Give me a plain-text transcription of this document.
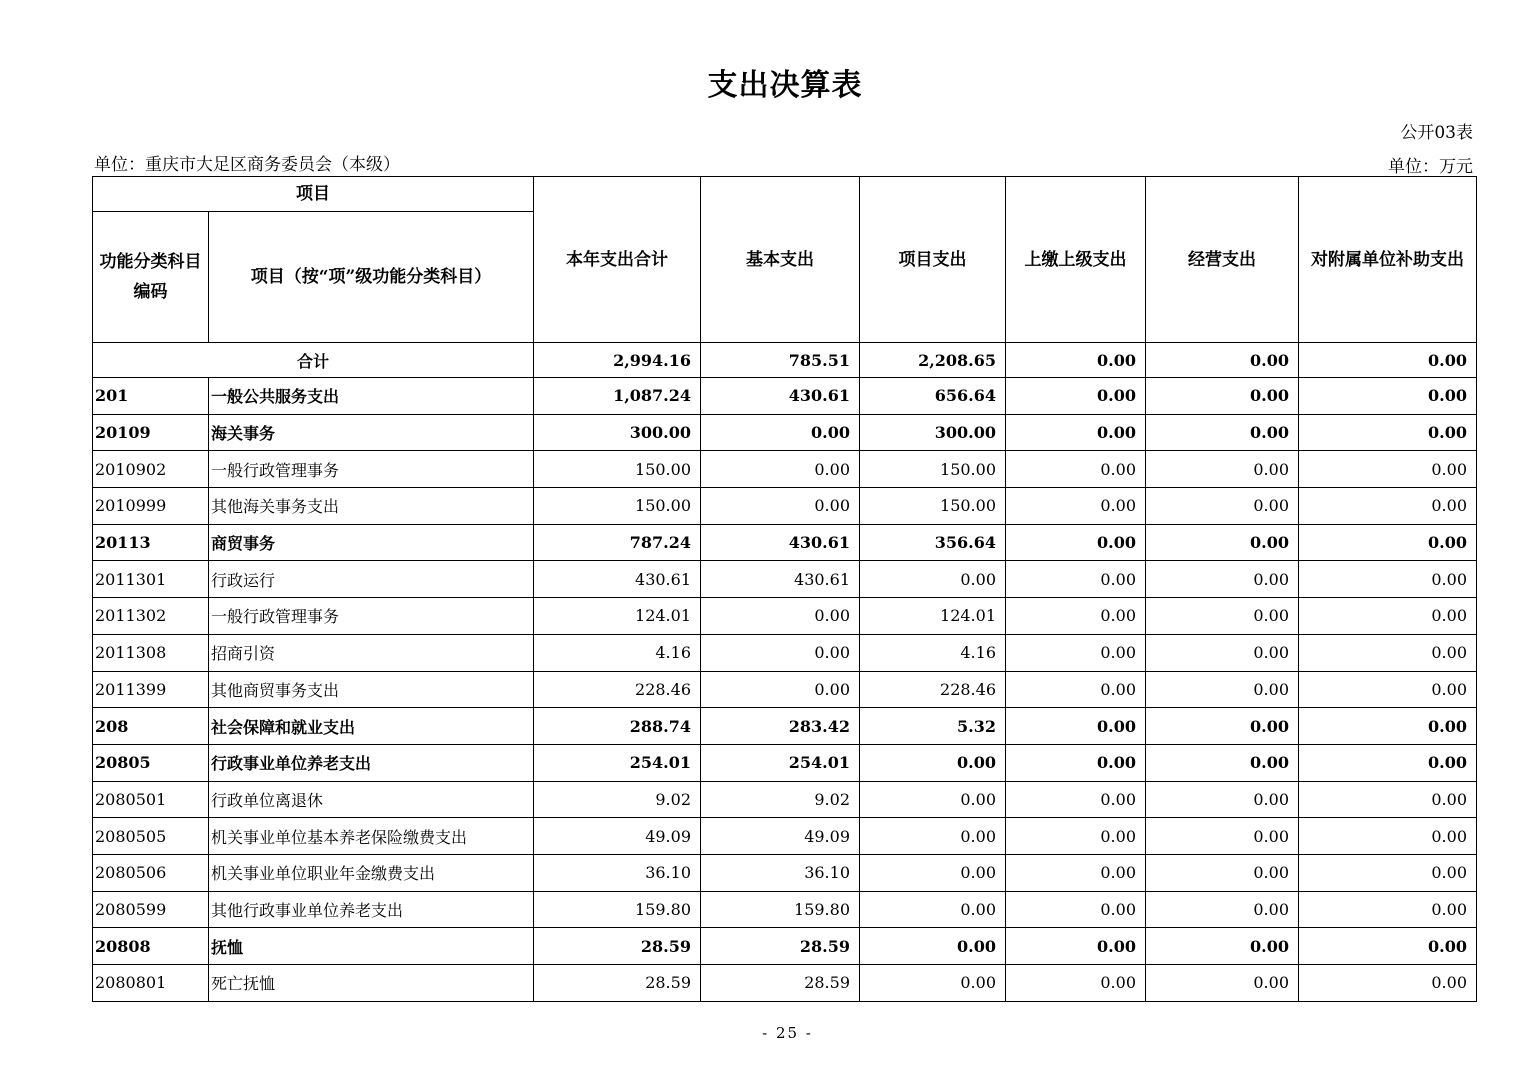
支出决算表
公开03表
单位：重庆市大足区商务委员会（本级）	单位：万元
项目		本年支出合计	基本支出	项目支出	上缴上级支出	经营支出	对附属单位补助支出
功能分类科目编码	项目（按“项”级功能分类科目）						
合计		2,994.16	785.51	2,208.65	0.00	0.00	0.00
201	一般公共服务支出	1,087.24	430.61	656.64	0.00	0.00	0.00
20109	海关事务	300.00	0.00	300.00	0.00	0.00	0.00
2010902	一般行政管理事务	150.00	0.00	150.00	0.00	0.00	0.00
2010999	其他海关事务支出	150.00	0.00	150.00	0.00	0.00	0.00
20113	商贸事务	787.24	430.61	356.64	0.00	0.00	0.00
2011301	行政运行	430.61	430.61	0.00	0.00	0.00	0.00
2011302	一般行政管理事务	124.01	0.00	124.01	0.00	0.00	0.00
2011308	招商引资	4.16	0.00	4.16	0.00	0.00	0.00
2011399	其他商贸事务支出	228.46	0.00	228.46	0.00	0.00	0.00
208	社会保障和就业支出	288.74	283.42	5.32	0.00	0.00	0.00
20805	行政事业单位养老支出	254.01	254.01	0.00	0.00	0.00	0.00
2080501	行政单位离退休	9.02	9.02	0.00	0.00	0.00	0.00
2080505	机关事业单位基本养老保险缴费支出	49.09	49.09	0.00	0.00	0.00	0.00
2080506	机关事业单位职业年金缴费支出	36.10	36.10	0.00	0.00	0.00	0.00
2080599	其他行政事业单位养老支出	159.80	159.80	0.00	0.00	0.00	0.00
20808	抚恤	28.59	28.59	0.00	0.00	0.00	0.00
2080801	死亡抚恤	28.59	28.59	0.00	0.00	0.00	0.00
- 25 -
